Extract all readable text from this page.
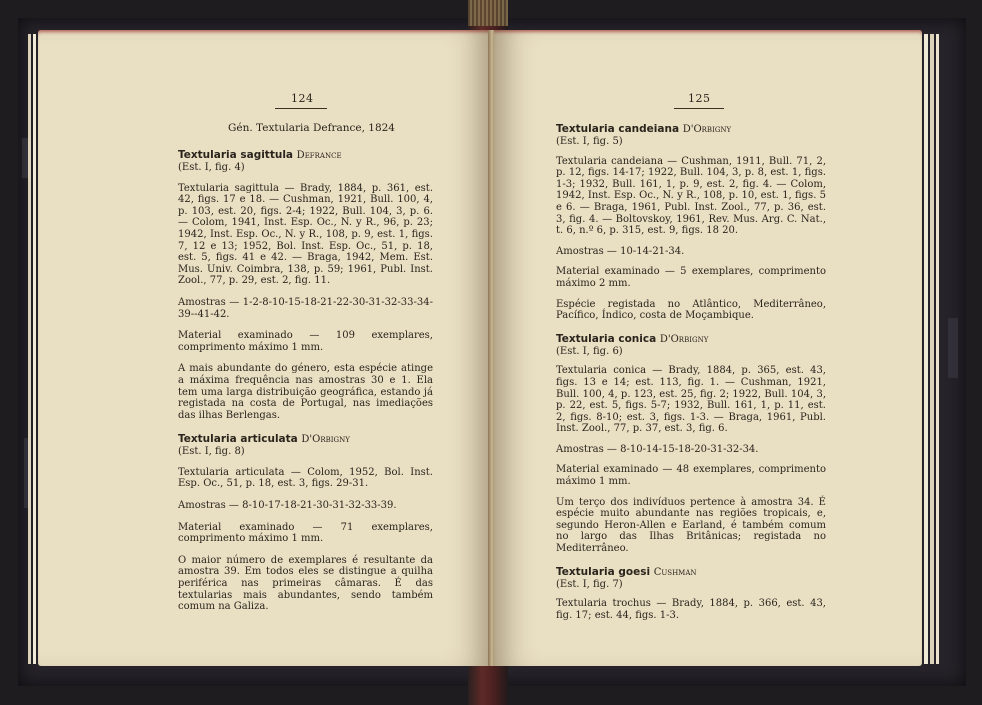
124
Gén. Textularia Defrance, 1824
Textularia sagittula Defrance
(Est. I, fig. 4)

Textularia sagittula — Brady, 1884, p. 361, est. 42, figs. 17 e 18. — Cushman, 1921, Bull. 100, 4, p. 103, est. 20, figs. 2-4; 1922, Bull. 104, 3, p. 6. — Colom, 1941, Inst. Esp. Oc., N. y R., 96, p. 23; 1942, Inst. Esp. Oc., N. y R., 108, p. 9, est. 1, figs. 7, 12 e 13; 1952, Bol. Inst. Esp. Oc., 51, p. 18, est. 5, figs. 41 e 42. — Braga, 1942, Mem. Est. Mus. Univ. Coimbra, 138, p. 59; 1961, Publ. Inst. Zool., 77, p. 29, est. 2, fig. 11.

Amostras — 1-2-8-10-15-18-21-22-30-31-32-33-34-39--41-42.

Material examinado — 109 exemplares, comprimento máximo 1 mm.

A mais abundante do género, esta espécie atinge a máxima frequência nas amostras 30 e 1. Ela tem uma larga distribuição geográfica, estando já registada na costa de Portugal, nas imediações das ilhas Berlengas.

Textularia articulata D'Orbigny
(Est. I, fig. 8)

Textularia articulata — Colom, 1952, Bol. Inst. Esp. Oc., 51, p. 18, est. 3, figs. 29-31.

Amostras — 8-10-17-18-21-30-31-32-33-39.

Material examinado — 71 exemplares, comprimento máximo 1 mm.

O maior número de exemplares é resultante da amostra 39. Em todos eles se distingue a quilha periférica nas primeiras câmaras. É das textularias mais abundantes, sendo também comum na Galiza.

125
Textularia candeiana D'Orbigny
(Est. I, fig. 5)

Textularia candeiana — Cushman, 1911, Bull. 71, 2, p. 12, figs. 14-17; 1922, Bull. 104, 3, p. 8, est. 1, figs. 1-3; 1932, Bull. 161, 1, p. 9, est. 2, fig. 4. — Colom, 1942, Inst. Esp. Oc., N. y R., 108, p. 10, est. 1, figs. 5 e 6. — Braga, 1961, Publ. Inst. Zool., 77, p. 36, est. 3, fig. 4. — Boltovskoy, 1961, Rev. Mus. Arg. C. Nat., t. 6, n.º 6, p. 315, est. 9, figs. 18 20.

Amostras — 10-14-21-34.

Material examinado — 5 exemplares, comprimento máximo 2 mm.

Espécie registada no Atlântico, Mediterrâneo, Pacífico, Índico, costa de Moçambique.

Textularia conica D'Orbigny
(Est. I, fig. 6)

Textularia conica — Brady, 1884, p. 365, est. 43, figs. 13 e 14; est. 113, fig. 1. — Cushman, 1921, Bull. 100, 4, p. 123, est. 25, fig. 2; 1922, Bull. 104, 3, p. 22, est. 5, figs. 5-7; 1932, Bull. 161, 1, p. 11, est. 2, figs. 8-10; est. 3, figs. 1-3. — Braga, 1961, Publ. Inst. Zool., 77, p. 37, est. 3, fig. 6.

Amostras — 8-10-14-15-18-20-31-32-34.

Material examinado — 48 exemplares, comprimento máximo 1 mm.

Um terço dos indivíduos pertence à amostra 34. É espécie muito abundante nas regiões tropicais, e, segundo Heron-Allen e Earland, é também comum no largo das Ilhas Britânicas; registada no Mediterrâneo.

Textularia goesi Cushman
(Est. I, fig. 7)

Textularia trochus — Brady, 1884, p. 366, est. 43, fig. 17; est. 44, figs. 1-3.
